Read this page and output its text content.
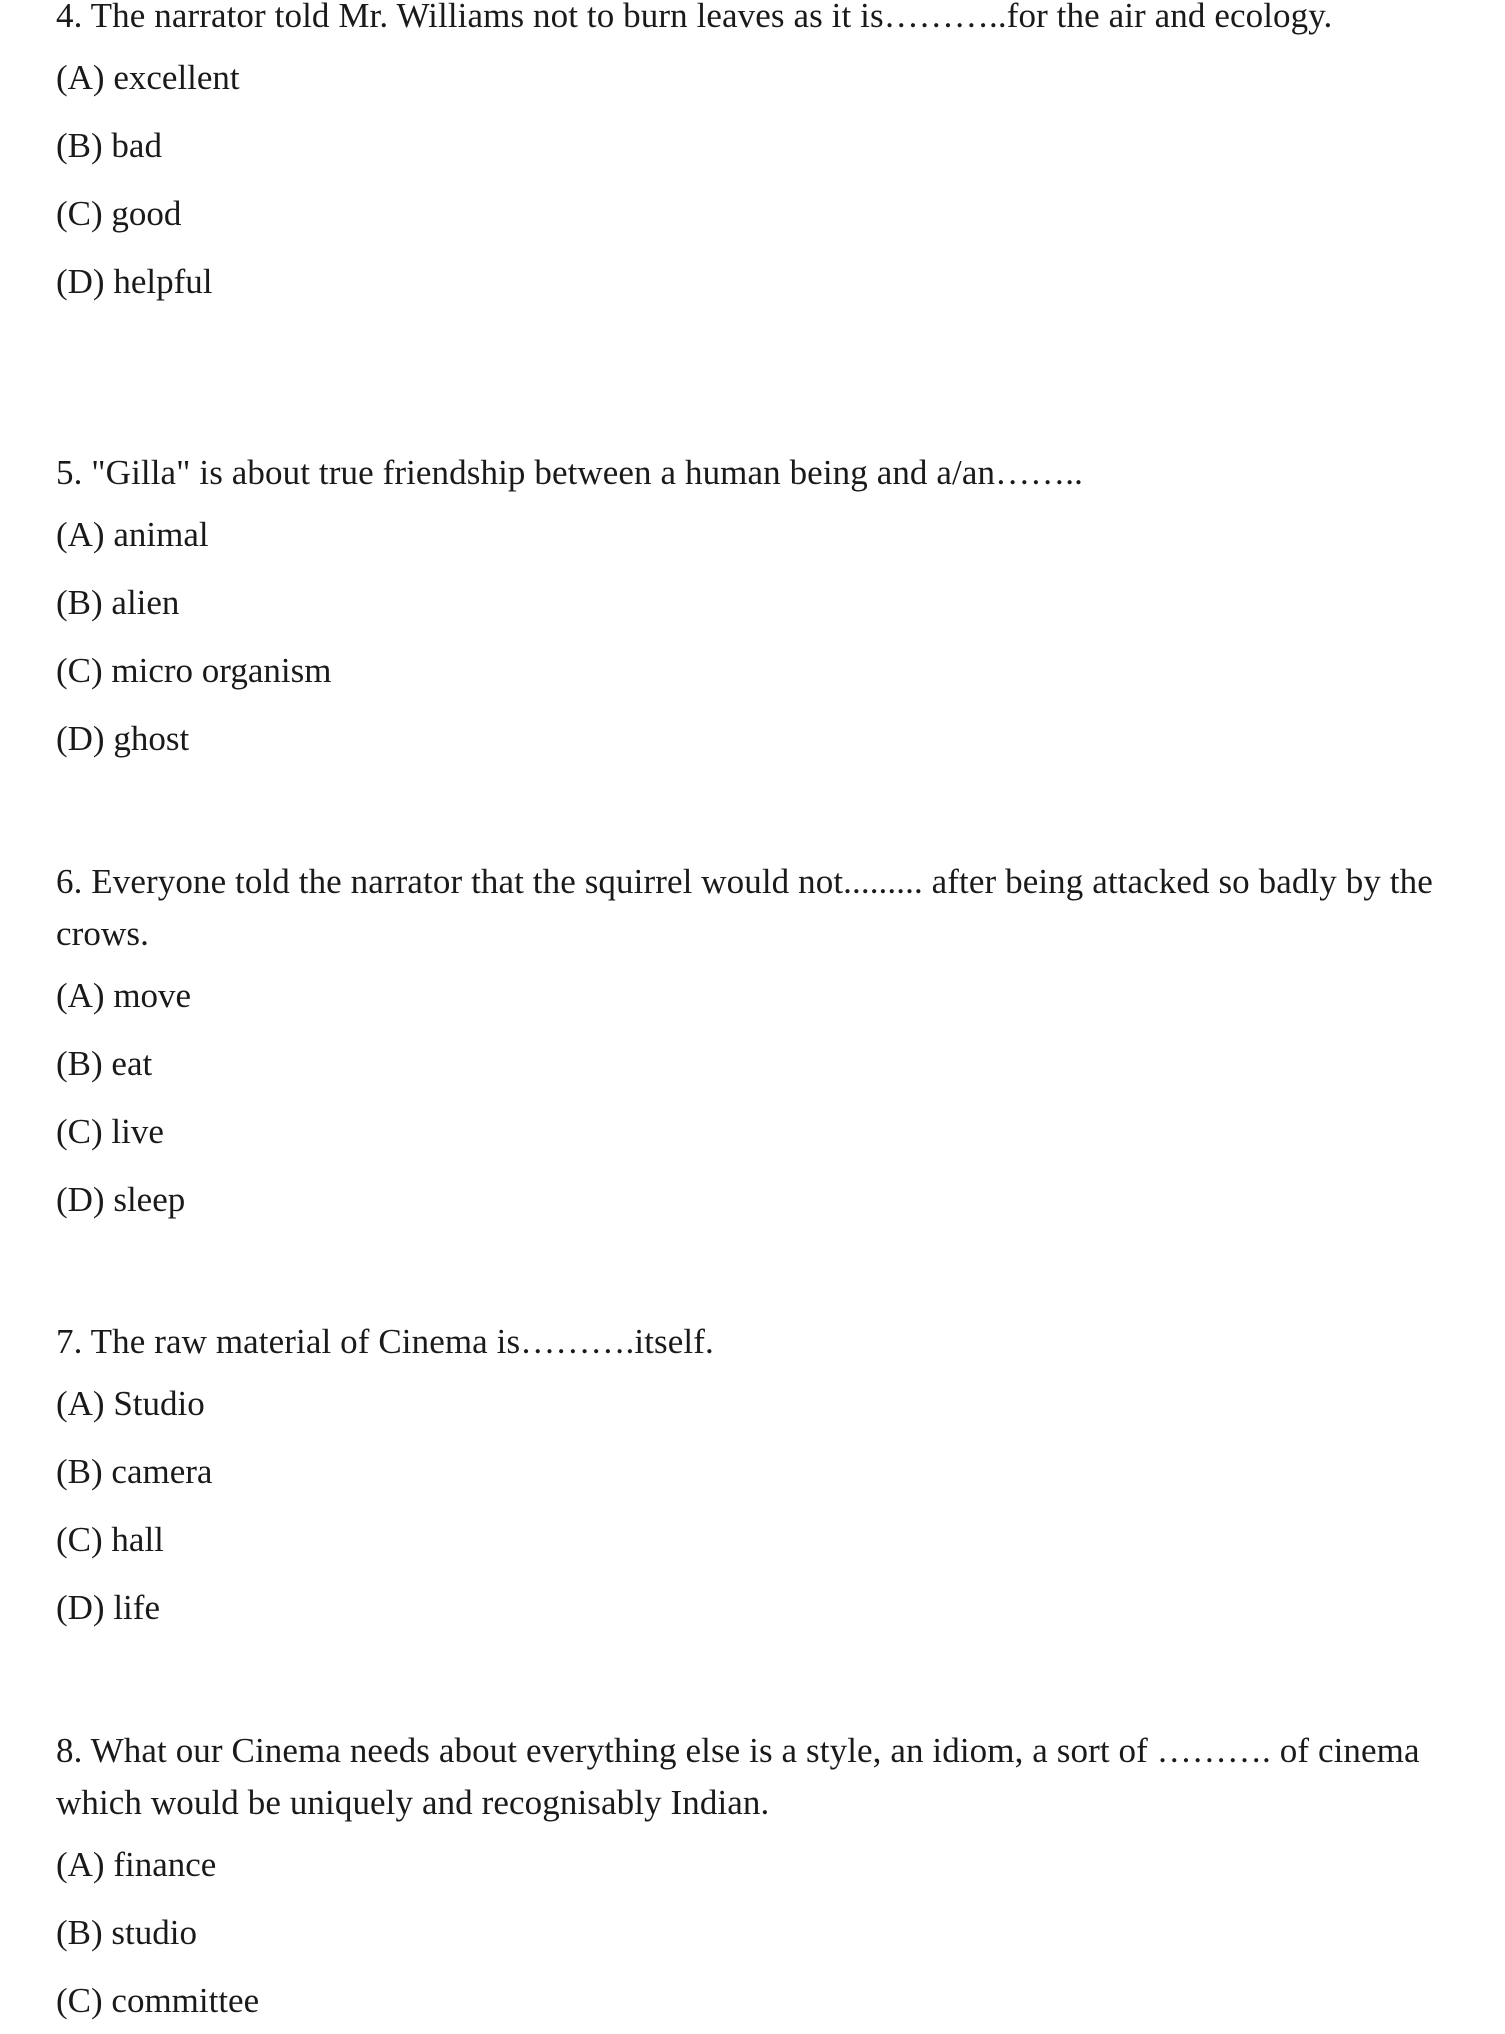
4. The narrator told Mr. Williams not to burn leaves as it is………..for the air and ecology.

(A) excellent

(B) bad

(C) good

(D) helpful

5. "Gilla" is about true friendship between a human being and a/an……..

(A) animal

(B) alien

(C) micro organism

(D) ghost

6. Everyone told the narrator that the squirrel would not......... after being attacked so badly by the crows.

(A) move

(B) eat

(C) live

(D) sleep

7. The raw material of Cinema is……….itself.

(A) Studio

(B) camera

(C) hall

(D) life

8. What our Cinema needs about everything else is a style, an idiom, a sort of ………. of cinema which would be uniquely and recognisably Indian.

(A) finance

(B) studio

(C) committee
